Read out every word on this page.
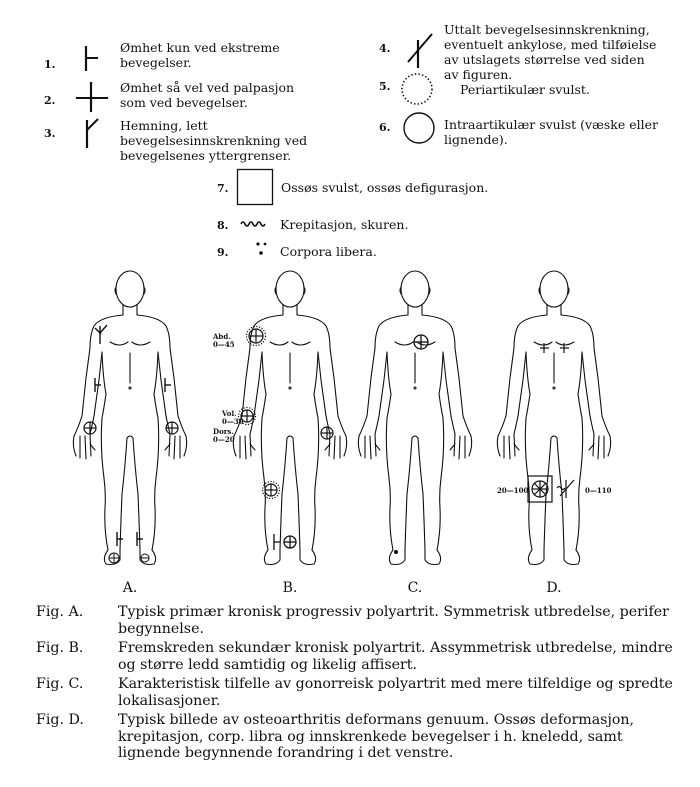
1.
Ømhet kun ved ekstreme bevegelser.
2.
Ømhet så vel ved palpasjon som ved bevegelser.
3.
Hemning, lett bevegelsesinnskrenkning ved bevegelsenes yttergrenser.
4.
Uttalt bevegelsesinnskrenkning, eventuelt ankylose, med tilføielse av utslagets størrelse ved siden av figuren.
5.	Periartikulær svulst.
6.	Intraartikulær svulst (væske eller lignende).
7.	Ossøs svulst, ossøs defigurasjon.
8.	Krepitasjon, skuren.
9.	Corpora libera.
Abd.
0—45
Vol.
0—30
Dors.
0—20
20—100	0—110
A.	B.	C.	D.
Fig. A.	Typisk primær kronisk progressiv polyartrit. Symmetrisk utbredelse, perifer begynnelse.
Fig. B.	Fremskreden sekundær kronisk polyartrit. Assymmetrisk utbredelse, mindre og større ledd samtidig og likelig affisert.
Fig. C.	Karakteristisk tilfelle av gonorreisk polyartrit med mere tilfeldige og spredte lokalisasjoner.
Fig. D.	Typisk billede av osteoarthritis deformans genuum. Ossøs deformasjon, krepitasjon, corp. libra og innskrenkede bevegelser i h. kneledd, samt lignende begynnende forandring i det venstre.
